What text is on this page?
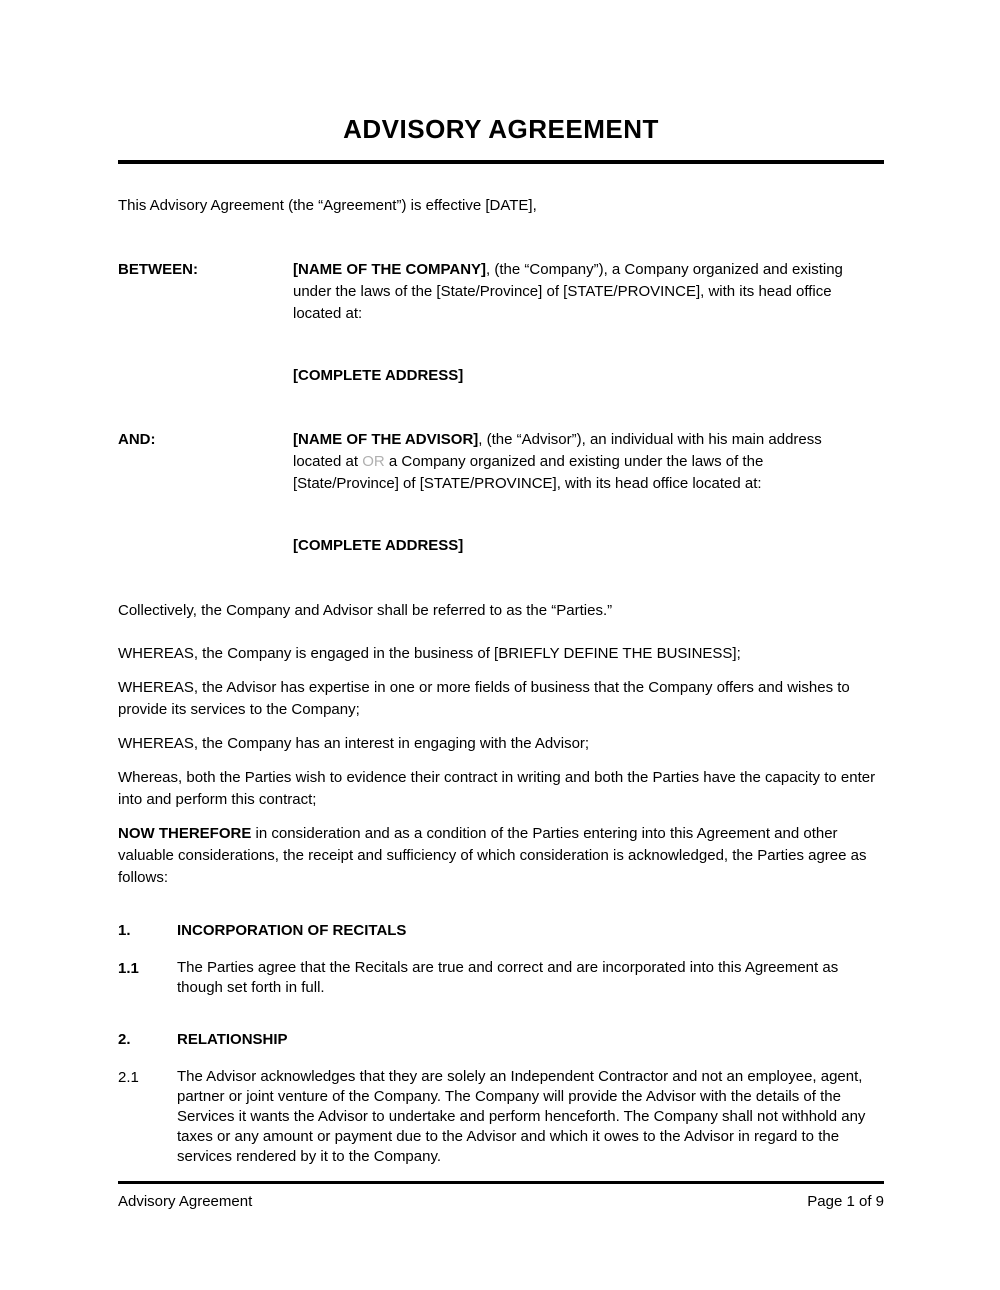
ADVISORY AGREEMENT

This Advisory Agreement (the “Agreement”) is effective [DATE],

BETWEEN:	[NAME OF THE COMPANY], (the “Company”), a Company organized and existing under the laws of the [State/Province] of [STATE/PROVINCE], with its head office located at:
[COMPLETE ADDRESS]
AND:	[NAME OF THE ADVISOR], (the “Advisor”), an individual with his main address located at OR a Company organized and existing under the laws of the [State/Province] of [STATE/PROVINCE], with its head office located at:
[COMPLETE ADDRESS]

Collectively, the Company and Advisor shall be referred to as the “Parties.”

WHEREAS, the Company is engaged in the business of [BRIEFLY DEFINE THE BUSINESS];

WHEREAS, the Advisor has expertise in one or more fields of business that the Company offers and wishes to provide its services to the Company;

WHEREAS, the Company has an interest in engaging with the Advisor;

Whereas, both the Parties wish to evidence their contract in writing and both the Parties have the capacity to enter into and perform this contract;

NOW THEREFORE in consideration and as a condition of the Parties entering into this Agreement and other valuable considerations, the receipt and sufficiency of which consideration is acknowledged, the Parties agree as follows:

1.	INCORPORATION OF RECITALS
1.1	The Parties agree that the Recitals are true and correct and are incorporated into this Agreement as though set forth in full.
2.	RELATIONSHIP
2.1	The Advisor acknowledges that they are solely an Independent Contractor and not an employee, agent, partner or joint venture of the Company. The Company will provide the Advisor with the details of the Services it wants the Advisor to undertake and perform henceforth. The Company shall not withhold any taxes or any amount or payment due to the Advisor and which it owes to the Advisor in regard to the services rendered by it to the Company.
Advisory Agreement	Page 1 of 9
